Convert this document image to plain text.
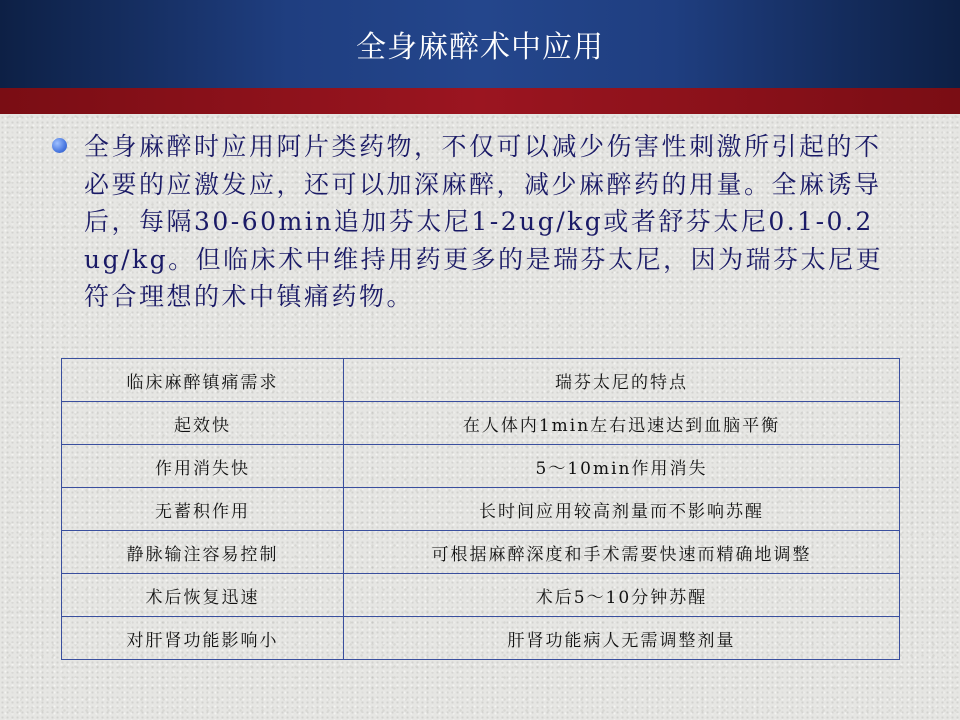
全身麻醉术中应用

全身麻醉时应用阿片类药物，不仅可以减少伤害性刺激所引起的不必要的应激发应，还可以加深麻醉，减少麻醉药的用量。全麻诱导后，每隔30-60min追加芬太尼1-2ug/kg或者舒芬太尼0.1-0.2ug/kg。但临床术中维持用药更多的是瑞芬太尼，因为瑞芬太尼更符合理想的术中镇痛药物。

临床麻醉镇痛需求	瑞芬太尼的特点
起效快	在人体内1min左右迅速达到血脑平衡
作用消失快	5～10min作用消失
无蓄积作用	长时间应用较高剂量而不影响苏醒
静脉输注容易控制	可根据麻醉深度和手术需要快速而精确地调整
术后恢复迅速	术后5～10分钟苏醒
对肝肾功能影响小	肝肾功能病人无需调整剂量
